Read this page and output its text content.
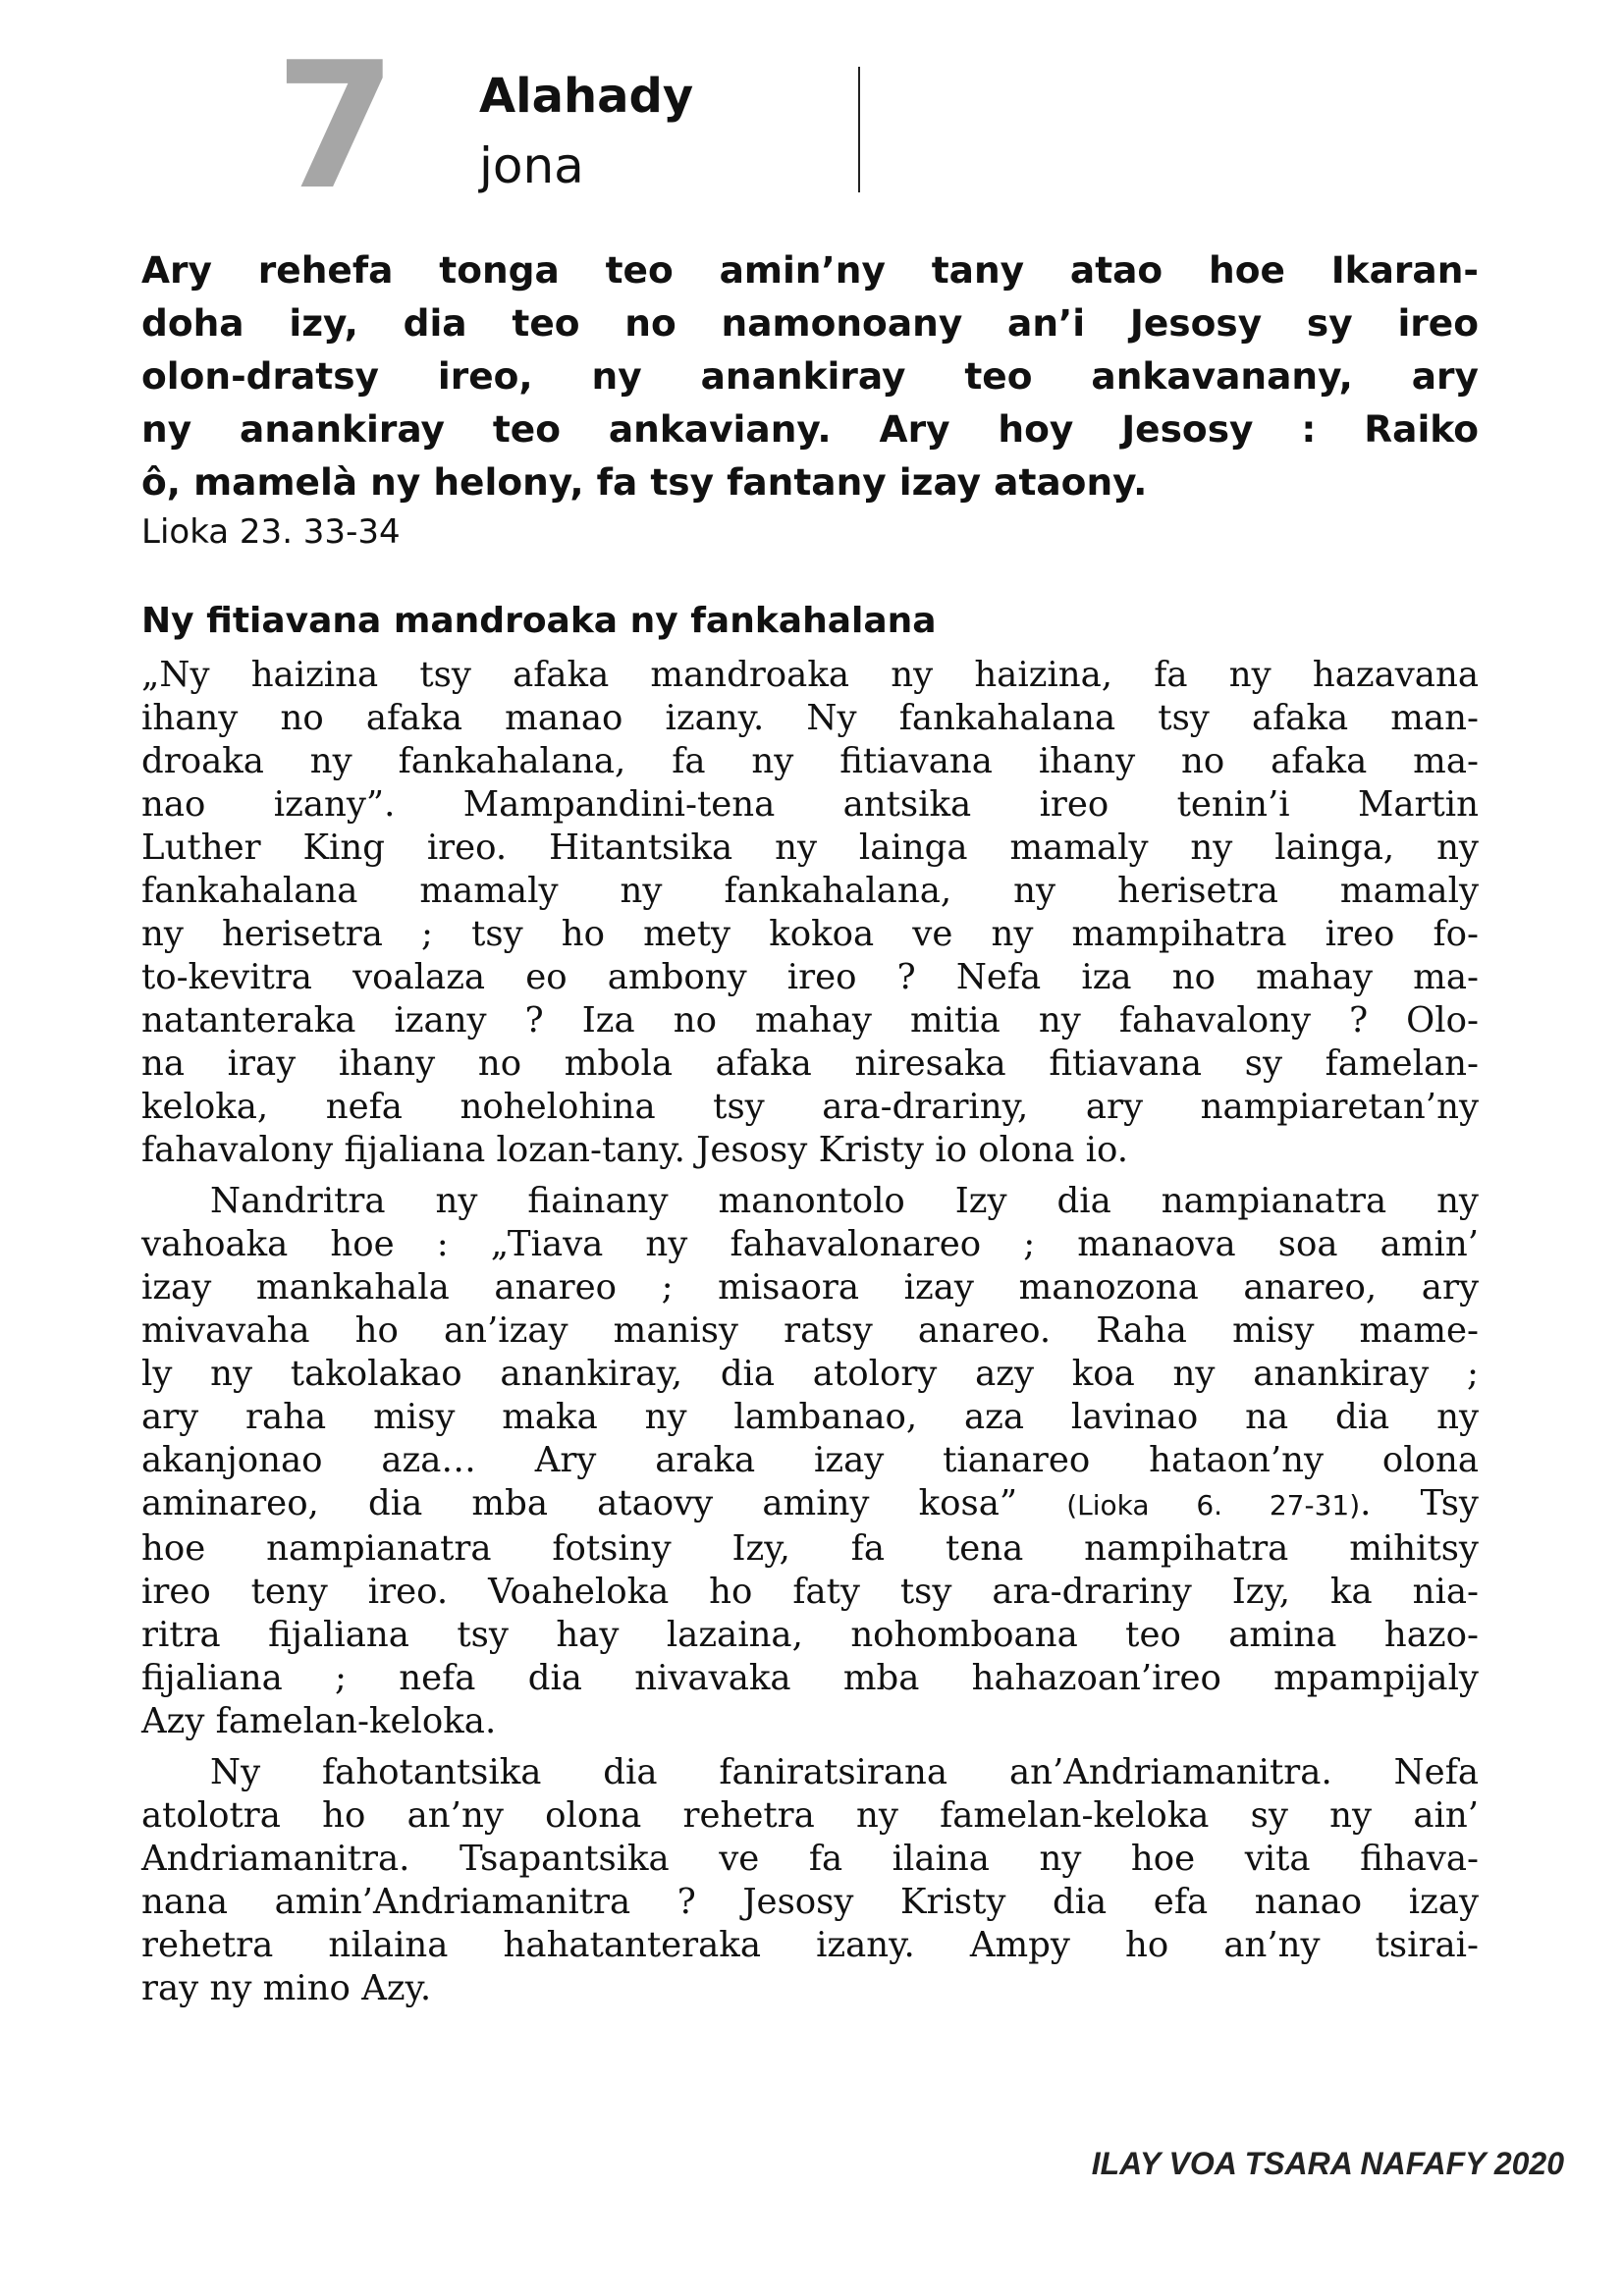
7 Alahady
jona

Ary rehefa tonga teo amin’ny tany atao hoe Ikaran-
doha izy, dia teo no namonoany an’i Jesosy sy ireo
olon-dratsy ireo, ny anankiray teo ankavanany, ary
ny anankiray teo ankaviany. Ary hoy Jesosy : Raiko
ô, mamelà ny helony, fa tsy fantany izay ataony.

Lioka 23. 33-34
Ny fitiavana mandroaka ny fankahalana

„Ny haizina tsy afaka mandroaka ny haizina, fa ny hazavana
ihany no afaka manao izany. Ny fankahalana tsy afaka man-
droaka ny fankahalana, fa ny fitiavana ihany no afaka ma-
nao izany”. Mampandini-tena antsika ireo tenin’i Martin
Luther King ireo. Hitantsika ny lainga mamaly ny lainga, ny
fankahalana mamaly ny fankahalana, ny herisetra mamaly
ny herisetra ; tsy ho mety kokoa ve ny mampihatra ireo fo-
to-kevitra voalaza eo ambony ireo ? Nefa iza no mahay ma-
natanteraka izany ? Iza no mahay mitia ny fahavalony ? Olo-
na iray ihany no mbola afaka niresaka fitiavana sy famelan-
keloka, nefa nohelohina tsy ara-drariny, ary nampiaretan’ny
fahavalony fijaliana lozan-tany. Jesosy Kristy io olona io.

Nandritra ny fiainany manontolo Izy dia nampianatra ny
vahoaka hoe : „Tiava ny fahavalonareo ; manaova soa amin’
izay mankahala anareo ; misaora izay manozona anareo, ary
mivavaha ho an’izay manisy ratsy anareo. Raha misy mame-
ly ny takolakao anankiray, dia atolory azy koa ny anankiray ;
ary raha misy maka ny lambanao, aza lavinao na dia ny
akanjonao aza… Ary araka izay tianareo hataon’ny olona
aminareo, dia mba ataovy aminy kosa” (Lioka 6. 27-31). Tsy
hoe nampianatra fotsiny Izy, fa tena nampihatra mihitsy
ireo teny ireo. Voaheloka ho faty tsy ara-drariny Izy, ka nia-
ritra fijaliana tsy hay lazaina, nohomboana teo amina hazo-
fijaliana ; nefa dia nivavaka mba hahazoan’ireo mpampijaly
Azy famelan-keloka.

Ny fahotantsika dia faniratsirana an’Andriamanitra. Nefa
atolotra ho an’ny olona rehetra ny famelan-keloka sy ny ain’
Andriamanitra. Tsapantsika ve fa ilaina ny hoe vita fihava-
nana amin’Andriamanitra ? Jesosy Kristy dia efa nanao izay
rehetra nilaina hahatanteraka izany. Ampy ho an’ny tsirai-
ray ny mino Azy.

ILAY VOA TSARA NAFAFY 2020
